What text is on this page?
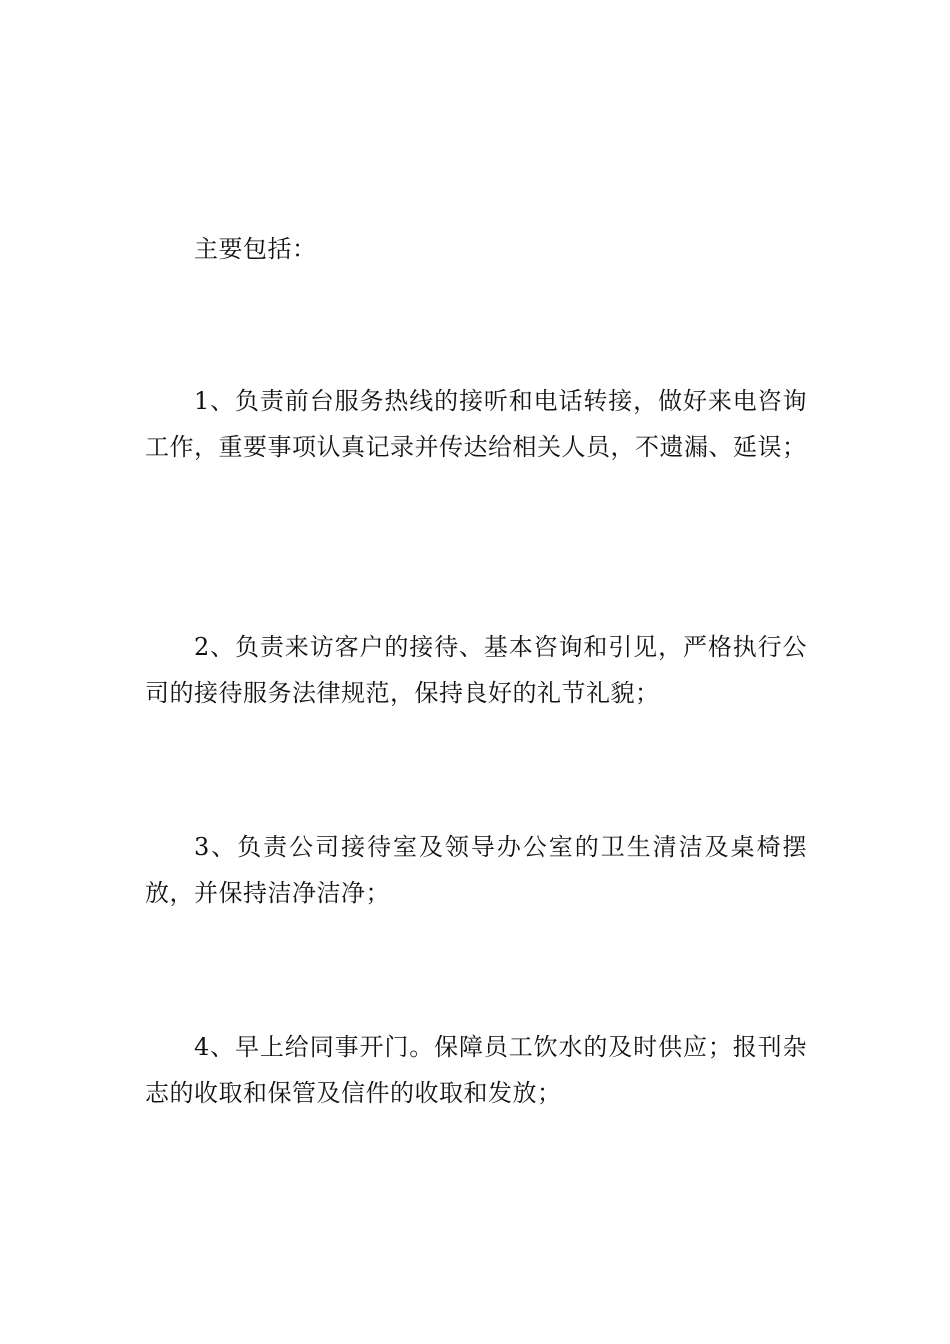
主要包括：

1、负责前台服务热线的接听和电话转接，做好来电咨询工作，重要事项认真记录并传达给相关人员，不遗漏、延误；

2、负责来访客户的接待、基本咨询和引见，严格执行公司的接待服务法律规范，保持良好的礼节礼貌；

3、负责公司接待室及领导办公室的卫生清洁及桌椅摆放，并保持洁净洁净；

4、早上给同事开门。保障员工饮水的及时供应；报刊杂志的收取和保管及信件的收取和发放；
